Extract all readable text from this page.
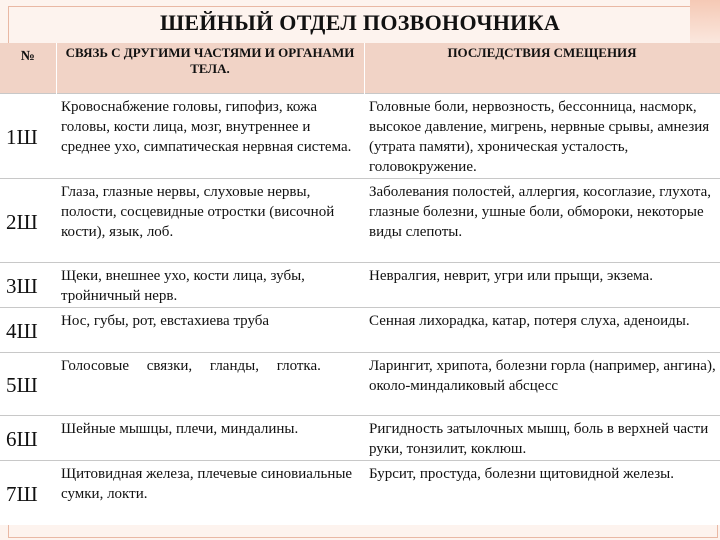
ШЕЙНЫЙ ОТДЕЛ ПОЗВОНОЧНИКА
№	СВЯЗЬ С ДРУГИМИ ЧАСТЯМИ И ОРГАНАМИ ТЕЛА.	ПОСЛЕДСТВИЯ СМЕЩЕНИЯ
1Ш	Кровоснабжение головы, гипофиз, кожа головы, кости лица, мозг, внутреннее и среднее ухо, симпатическая нервная система.	Головные боли, нервозность, бессонница, насморк, высокое давление, мигрень, нервные срывы, амнезия (утрата памяти), хроническая усталость, головокружение.
2Ш	Глаза, глазные нервы, слуховые нервы, полости, сосцевидные отростки (височной кости), язык, лоб.	Заболевания полостей, аллергия, косоглазие, глухота, глазные болезни, ушные боли, обмороки, некоторые виды слепоты.
3Ш	Щеки, внешнее ухо, кости лица, зубы, тройничный нерв.	Невралгия, неврит, угри или прыщи, экзема.
4Ш	Нос, губы, рот, евстахиева труба	Сенная лихорадка, катар, потеря слуха, аденоиды.
5Ш	Голосовые связки, гланды, глотка.	Ларингит, хрипота, болезни горла (например, ангина), около-миндаликовый абсцесс
6Ш	Шейные мышцы, плечи, миндалины.	Ригидность затылочных мышц, боль в верхней части руки, тонзилит, коклюш.
7Ш	Щитовидная железа, плечевые синовиальные сумки, локти.	Бурсит, простуда, болезни щитовидной железы.
